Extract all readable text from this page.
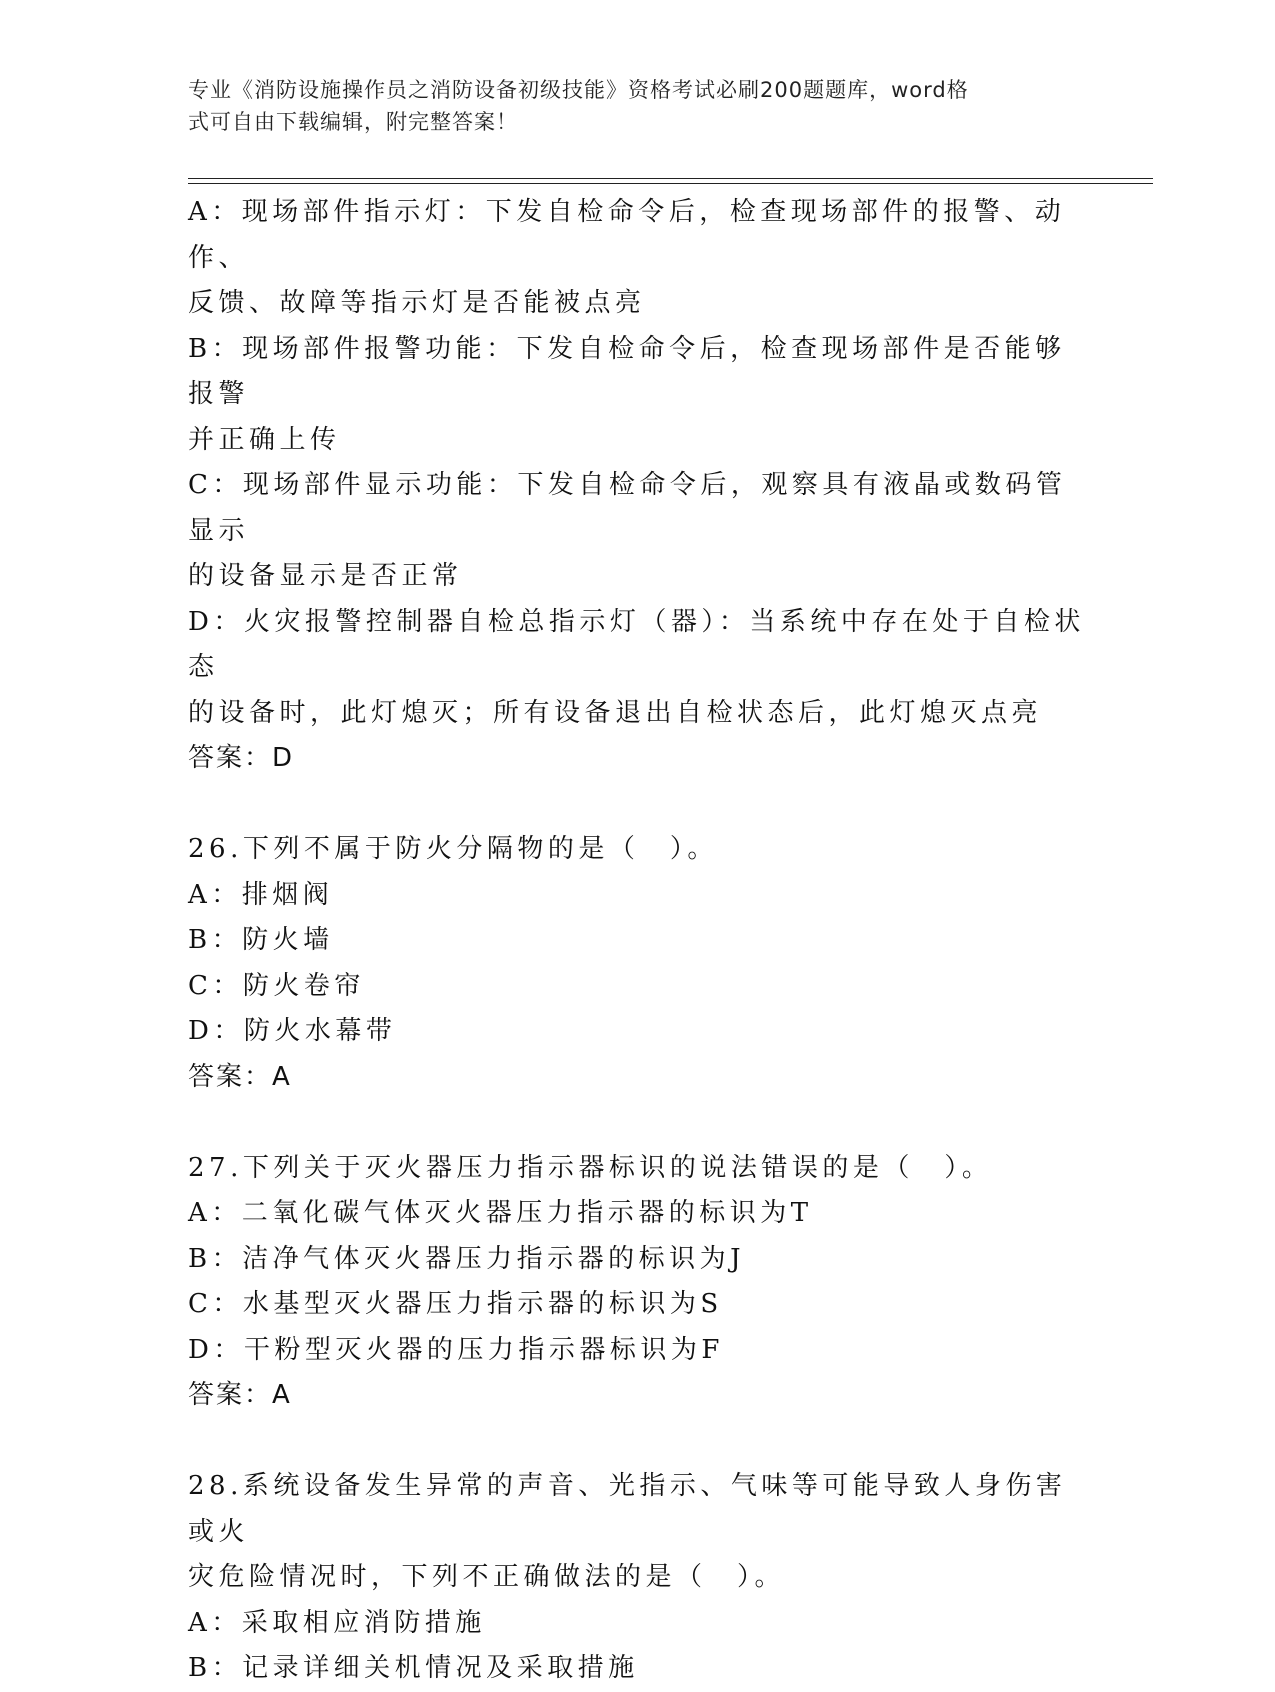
专业《消防设施操作员之消防设备初级技能》资格考试必刷200题题库，word格
式可自由下载编辑，附完整答案！
A：现场部件指示灯：下发自检命令后，检查现场部件的报警、动作、
反馈、故障等指示灯是否能被点亮
B：现场部件报警功能：下发自检命令后，检查现场部件是否能够报警
并正确上传
C：现场部件显示功能：下发自检命令后，观察具有液晶或数码管显示
的设备显示是否正常
D：火灾报警控制器自检总指示灯（器）：当系统中存在处于自检状态
的设备时，此灯熄灭；所有设备退出自检状态后，此灯熄灭点亮
答案：D
26.下列不属于防火分隔物的是（　）。
A：排烟阀
B：防火墙
C：防火卷帘
D：防火水幕带
答案：A
27.下列关于灭火器压力指示器标识的说法错误的是（　）。
A：二氧化碳气体灭火器压力指示器的标识为T
B：洁净气体灭火器压力指示器的标识为J
C：水基型灭火器压力指示器的标识为S
D：干粉型灭火器的压力指示器标识为F
答案：A
28.系统设备发生异常的声音、光指示、气味等可能导致人身伤害或火
灾危险情况时，下列不正确做法的是（　）。
A：采取相应消防措施
B：记录详细关机情况及采取措施
